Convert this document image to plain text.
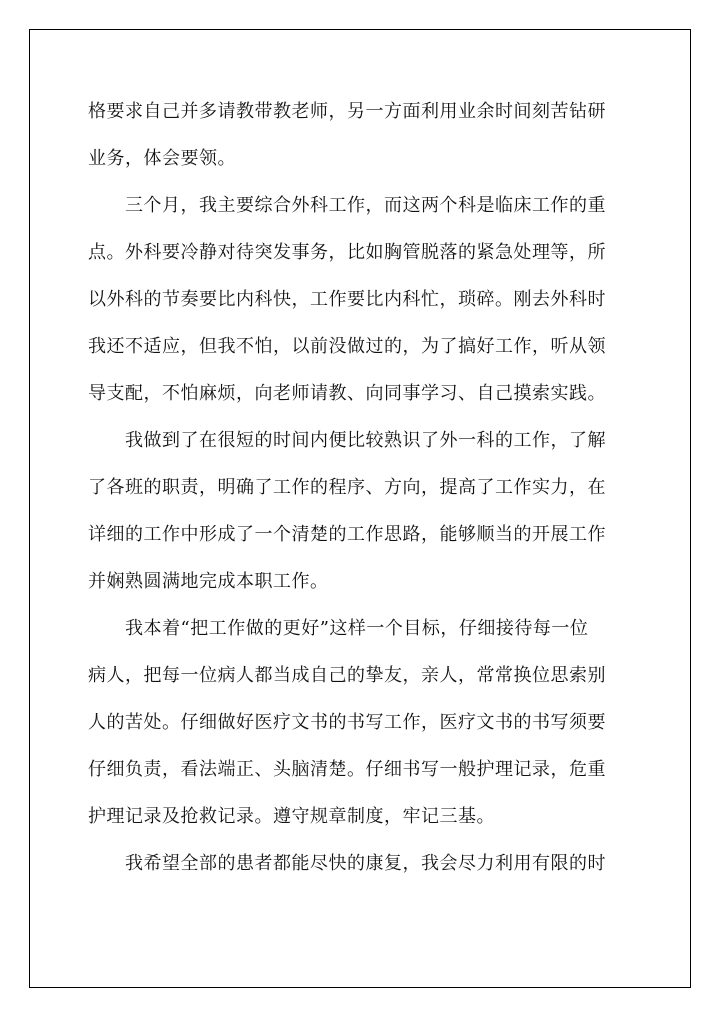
格要求自己并多请教带教老师，另一方面利用业余时间刻苦钻研
业务，体会要领。

三个月，我主要综合外科工作，而这两个科是临床工作的重

点。外科要冷静对待突发事务，比如胸管脱落的紧急处理等，所
以外科的节奏要比内科快，工作要比内科忙，琐碎。刚去外科时
我还不适应，但我不怕，以前没做过的，为了搞好工作，听从领
导支配，不怕麻烦，向老师请教、向同事学习、自己摸索实践。

我做到了在很短的时间内便比较熟识了外一科的工作，了解

了各班的职责，明确了工作的程序、方向，提高了工作实力，在
详细的工作中形成了一个清楚的工作思路，能够顺当的开展工作
并娴熟圆满地完成本职工作。

我本着“把工作做的更好”这样一个目标，仔细接待每一位

病人，把每一位病人都当成自己的挚友，亲人，常常换位思索别
人的苦处。仔细做好医疗文书的书写工作，医疗文书的书写须要
仔细负责，看法端正、头脑清楚。仔细书写一般护理记录，危重
护理记录及抢救记录。遵守规章制度，牢记三基。

我希望全部的患者都能尽快的康复，我会尽力利用有限的时
